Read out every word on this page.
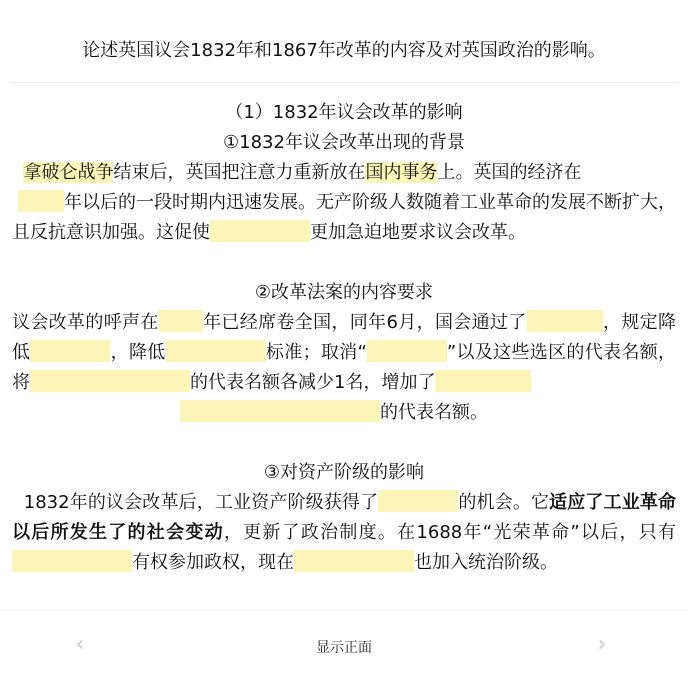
论述英国议会1832年和1867年改革的内容及对英国政治的影响。

（1）1832年议会改革的影响

①1832年议会改革出现的背景

拿破仑战争结束后，英国把注意力重新放在国内事务上。英国的经济在
年以后的一段时期内迅速发展。无产阶级人数随着工业革命的发展不断扩大，且反抗意识加强。这促使	更加急迫地要求议会改革。

②改革法案的内容要求

议会改革的呼声在 年已经席卷全国，同年6月，国会通过了	，规定降低	，降低	标准；取消“	”以及这些选区的代表名额，将	的代表名额各减少1名，增加了
的代表名额。

③对资产阶级的影响

1832年的议会改革后，工业资产阶级获得了	的机会。它适应了工业革命以后所发生了的社会变动，更新了政治制度。在1688年“光荣革命”以后，只有有权参加政权，现在	也加入统治阶级。

‹	显示正面	›
